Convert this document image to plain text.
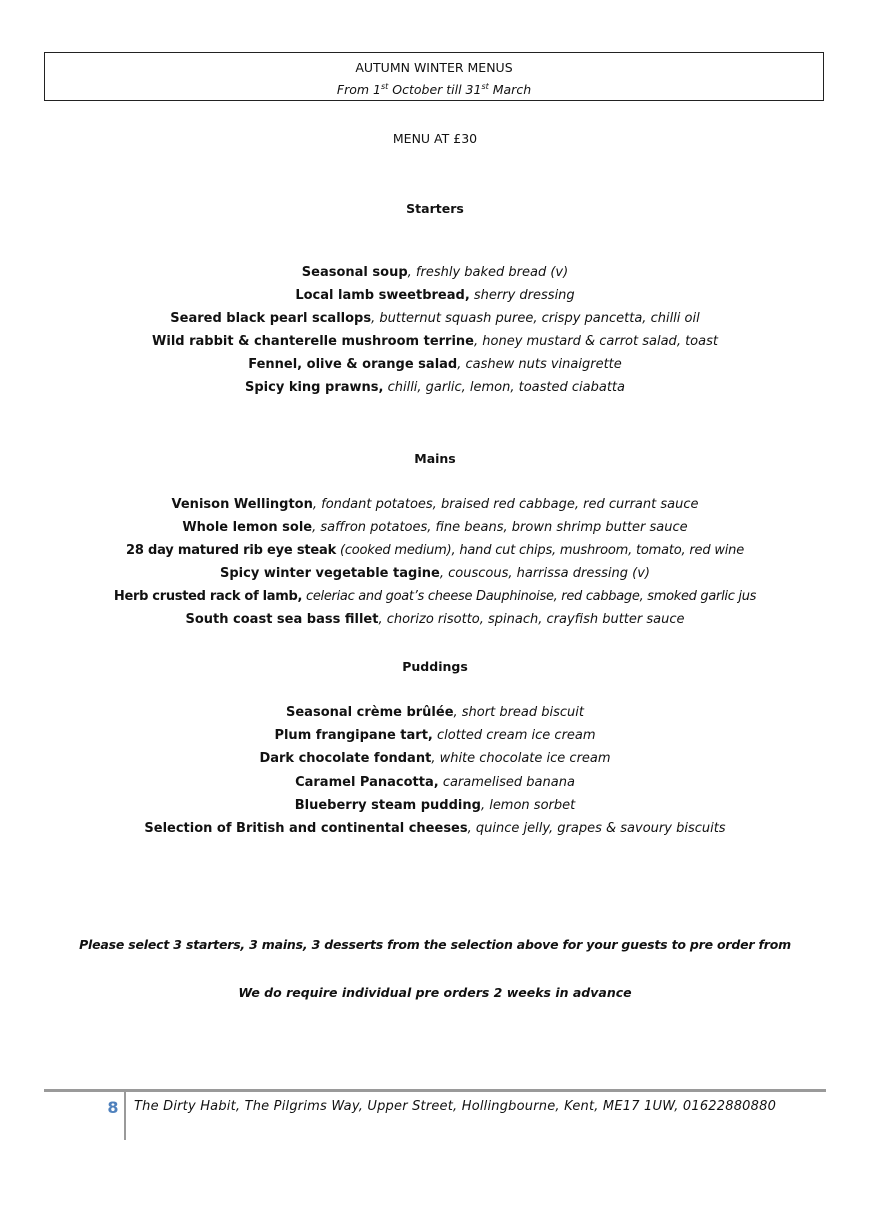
AUTUMN WINTER MENUS
From 1st October till 31st March
MENU AT £30
Starters
Seasonal soup, freshly baked bread (v)
Local lamb sweetbread, sherry dressing
Seared black pearl scallops, butternut squash puree, crispy pancetta, chilli oil
Wild rabbit & chanterelle mushroom terrine, honey mustard & carrot salad, toast
Fennel, olive & orange salad, cashew nuts vinaigrette
Spicy king prawns, chilli, garlic, lemon, toasted ciabatta
Mains
Venison Wellington, fondant potatoes, braised red cabbage, red currant sauce
Whole lemon sole, saffron potatoes, fine beans, brown shrimp butter sauce
28 day matured rib eye steak (cooked medium), hand cut chips, mushroom, tomato, red wine
Spicy winter vegetable tagine, couscous, harrissa dressing (v)
Herb crusted rack of lamb, celeriac and goat’s cheese Dauphinoise, red cabbage, smoked garlic jus
South coast sea bass fillet, chorizo risotto, spinach, crayfish butter sauce
Puddings
Seasonal crème brûlée, short bread biscuit
Plum frangipane tart, clotted cream ice cream
Dark chocolate fondant, white chocolate ice cream
Caramel Panacotta, caramelised banana
Blueberry steam pudding, lemon sorbet
Selection of British and continental cheeses, quince jelly, grapes & savoury biscuits
Please select 3 starters, 3 mains, 3 desserts from the selection above for your guests to pre order from
We do require individual pre orders 2 weeks in advance
8 The Dirty Habit, The Pilgrims Way, Upper Street, Hollingbourne, Kent, ME17 1UW, 01622880880
